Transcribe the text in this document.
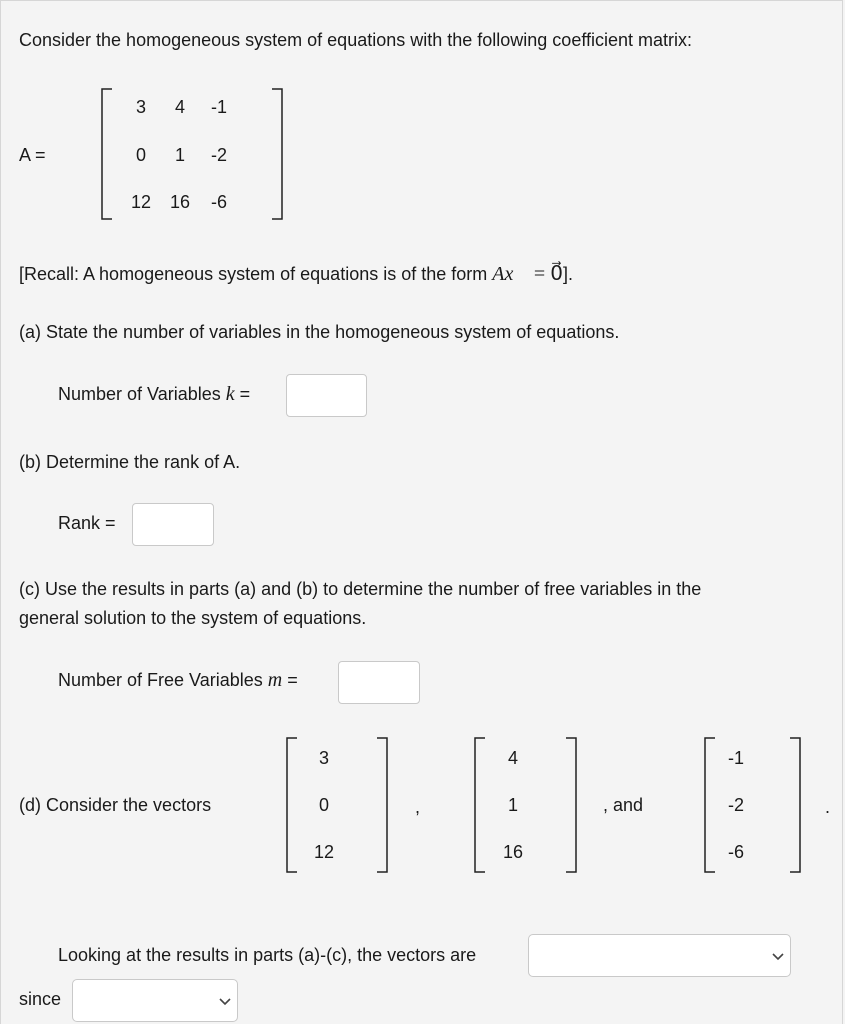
Consider the homogeneous system of equations with the following coefficient matrix:
A =
3	4	-1
0	1	-2
12	16	-6
[Recall: A homogeneous system of equations is of the form Ax⃗ = 0⃗].
(a) State the number of variables in the homogeneous system of equations.
Number of Variables k =
(b) Determine the rank of A.
Rank =
(c) Use the results in parts (a) and (b) to determine the number of free variables in the
general solution to the system of equations.
Number of Free Variables m =
(d) Consider the vectors
3
0
12
,
4
1
16
, and
-1
-2
-6
.
Looking at the results in parts (a)-(c), the vectors are
since
